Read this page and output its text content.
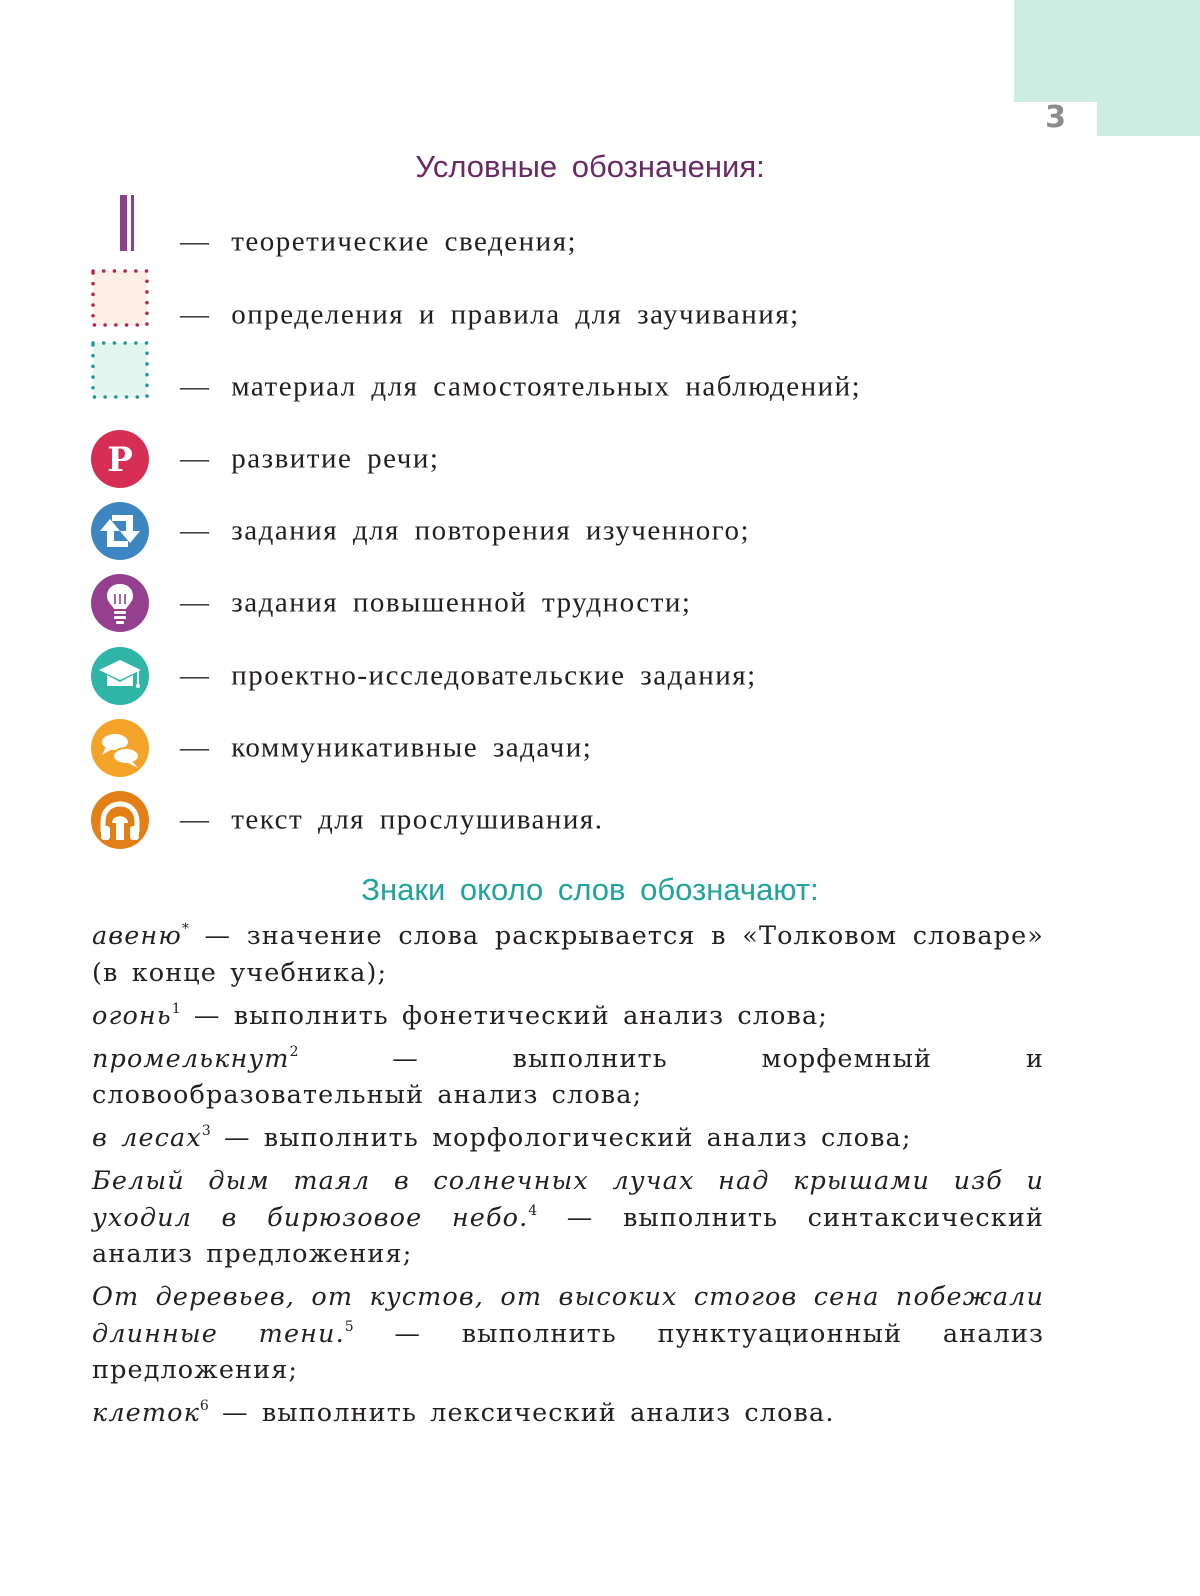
3
Условные обозначения:
— теоретические сведения;
— определения и правила для заучивания;
— материал для самостоятельных наблюдений;
Р — развитие речи;
— задания для повторения изученного;
— задания повышенной трудности;
— проектно-исследовательские задания;
— коммуникативные задачи;
— текст для прослушивания.
Знаки около слов обозначают:

авеню* — значение слова раскрывается в «Толковом словаре» (в конце учебника);

огонь$^1$ — выполнить фонетический анализ слова;

промелькнут$^2$ — выполнить морфемный и словообразовательный анализ слова;

в лесах$^3$ — выполнить морфологический анализ слова;

Белый дым таял в солнечных лучах над крышами изб и уходил в бирюзовое небо.$^4$ — выполнить синтаксический анализ предложения;

От деревьев, от кустов, от высоких стогов сена побежали длинные тени.$^5$ — выполнить пунктуационный анализ предложения;

клеток$^6$ — выполнить лексический анализ слова.
